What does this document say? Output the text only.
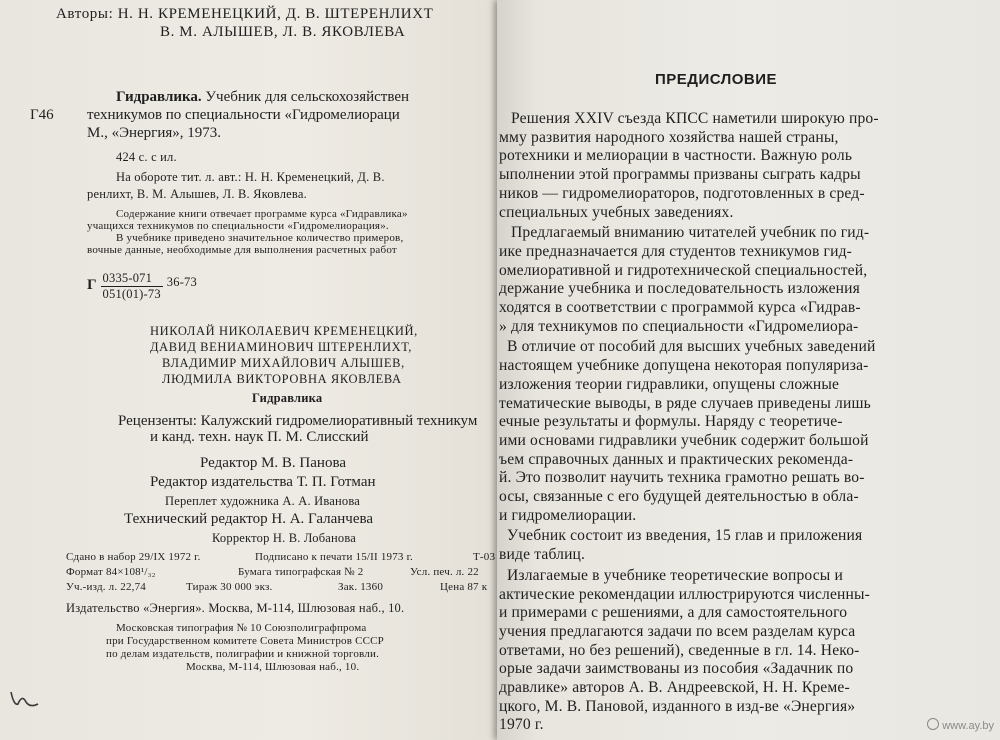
Авторы: Н. Н. КРЕМЕНЕЦКИЙ, Д. В. ШТЕРЕНЛИХТ
В. М. АЛЫШЕВ, Л. В. ЯКОВЛЕВА
Г46
Гидравлика. Учебник для сельскохозяйствен
техникумов по специальности «Гидромелиораци
М., «Энергия», 1973.
424 с. с ил.
На обороте тит. л. авт.: Н. Н. Кременецкий, Д. В.
ренлихт, В. М. Алышев, Л. В. Яковлева.
Содержание книги отвечает программе курса «Гидравлика»
учащихся техникумов по специальности «Гидромелиорация».
В учебнике приведено значительное количество примеров,
вочные данные, необходимые для выполнения расчетных работ
Г $\frac{0335-071}{051(01)-73} ^{36-73}$
НИКОЛАЙ НИКОЛАЕВИЧ КРЕМЕНЕЦКИЙ,
ДАВИД ВЕНИАМИНОВИЧ ШТЕРЕНЛИХТ,
ВЛАДИМИР МИХАЙЛОВИЧ АЛЫШЕВ,
ЛЮДМИЛА ВИКТОРОВНА ЯКОВЛЕВА
Гидравлика
Рецензенты: Калужский гидромелиоративный техникум
и канд. техн. наук П. М. Слисский
Редактор М. В. Панова
Редактор издательства Т. П. Готман
Переплет художника А. А. Иванова
Технический редактор Н. А. Галанчева
Корректор Н. В. Лобанова
Сдано в набор 29/IX 1972 г.	Подписано к печати 15/II 1973 г.	Т-03
Формат 84×108¹/₃₂	Бумага типографская № 2	Усл. печ. л. 22
Уч.-изд. л. 22,74	Тираж 30 000 экз.	Зак. 1360	Цена 87 к
Издательство «Энергия». Москва, М-114, Шлюзовая наб., 10.
Московская типография № 10 Союзполиграфпрома
при Государственном комитете Совета Министров СССР
по делам издательств, полиграфии и книжной торговли.
Москва, М-114, Шлюзовая наб., 10.
ПРЕДИСЛОВИЕ
Решения XXIV съезда КПСС наметили широкую про-
мму развития народного хозяйства нашей страны,
ротехники и мелиорации в частности. Важную роль
ыполнении этой программы призваны сыграть кадры
ников — гидромелиораторов, подготовленных в сред-
специальных учебных заведениях.
Предлагаемый вниманию читателей учебник по гид-
ике предназначается для студентов техникумов гид-
омелиоративной и гидротехнической специальностей,
держание учебника и последовательность изложения
ходятся в соответствии с программой курса «Гидрав-
» для техникумов по специальности «Гидромелиора-
В отличие от пособий для высших учебных заведений
настоящем учебнике допущена некоторая популяриза-
изложения теории гидравлики, опущены сложные
тематические выводы, в ряде случаев приведены лишь
ечные результаты и формулы. Наряду с теоретиче-
ими основами гидравлики учебник содержит большой
ъем справочных данных и практических рекоменда-
й. Это позволит научить техника грамотно решать во-
осы, связанные с его будущей деятельностью в обла-
и гидромелиорации.
Учебник состоит из введения, 15 глав и приложения
виде таблиц.
Излагаемые в учебнике теоретические вопросы и
актические рекомендации иллюстрируются численны-
и примерами с решениями, а для самостоятельного
учения предлагаются задачи по всем разделам курса
ответами, но без решений), сведенные в гл. 14. Неко-
орые задачи заимствованы из пособия «Задачник по
дравлике» авторов А. В. Андреевской, Н. Н. Креме-
цкого, М. В. Пановой, изданного в изд-ве «Энергия»
1970 г.	www.ay.by
